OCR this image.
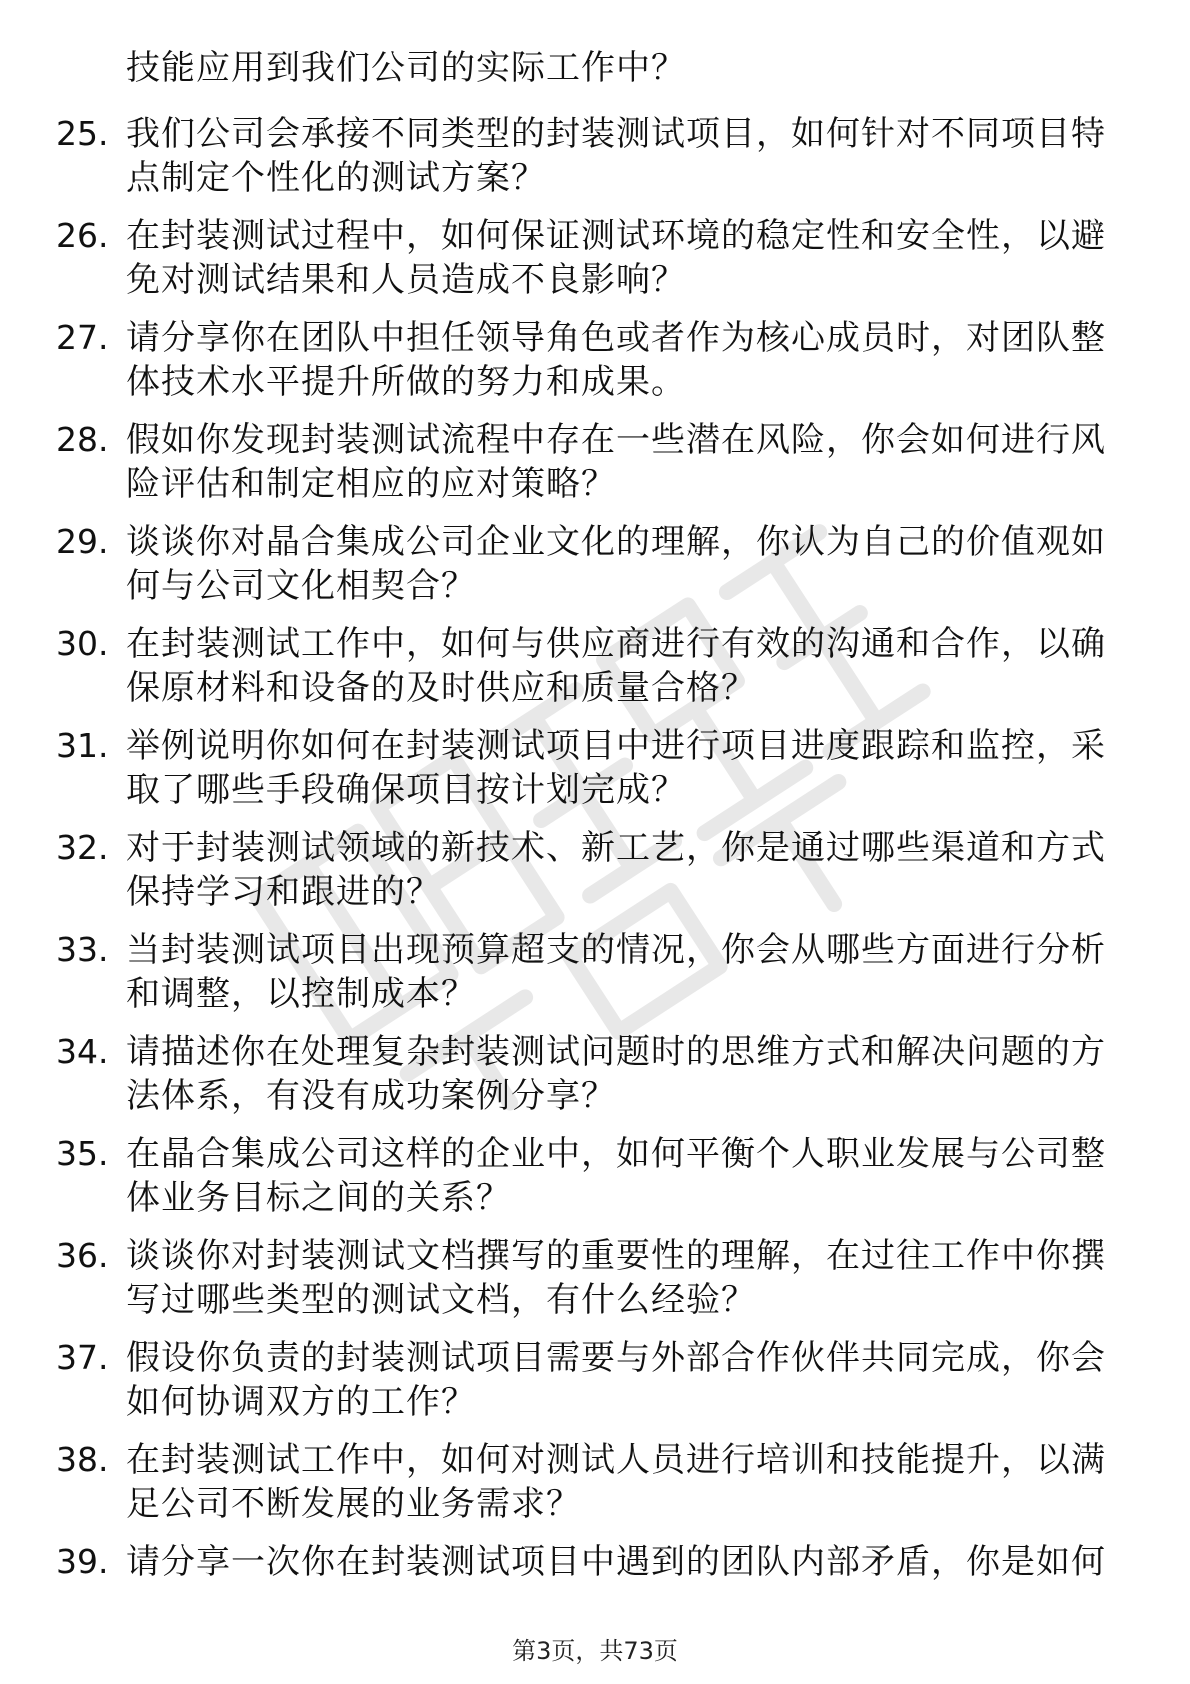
技能应用到我们公司的实际工作中？
25. 我们公司会承接不同类型的封装测试项目，如何针对不同项目特
点制定个性化的测试方案？
26. 在封装测试过程中，如何保证测试环境的稳定性和安全性，以避
免对测试结果和人员造成不良影响？
27. 请分享你在团队中担任领导角色或者作为核心成员时，对团队整
体技术水平提升所做的努力和成果。
28. 假如你发现封装测试流程中存在一些潜在风险，你会如何进行风
险评估和制定相应的应对策略？
29. 谈谈你对晶合集成公司企业文化的理解，你认为自己的价值观如
何与公司文化相契合？
30. 在封装测试工作中，如何与供应商进行有效的沟通和合作，以确
保原材料和设备的及时供应和质量合格？
31. 举例说明你如何在封装测试项目中进行项目进度跟踪和监控，采
取了哪些手段确保项目按计划完成？
32. 对于封装测试领域的新技术、新工艺，你是通过哪些渠道和方式
保持学习和跟进的？
33. 当封装测试项目出现预算超支的情况，你会从哪些方面进行分析
和调整，以控制成本？
34. 请描述你在处理复杂封装测试问题时的思维方式和解决问题的方
法体系，有没有成功案例分享？
35. 在晶合集成公司这样的企业中，如何平衡个人职业发展与公司整
体业务目标之间的关系？
36. 谈谈你对封装测试文档撰写的重要性的理解，在过往工作中你撰
写过哪些类型的测试文档，有什么经验？
37. 假设你负责的封装测试项目需要与外部合作伙伴共同完成，你会
如何协调双方的工作？
38. 在封装测试工作中，如何对测试人员进行培训和技能提升，以满
足公司不断发展的业务需求？
39. 请分享一次你在封装测试项目中遇到的团队内部矛盾，你是如何
第3页，共73页
